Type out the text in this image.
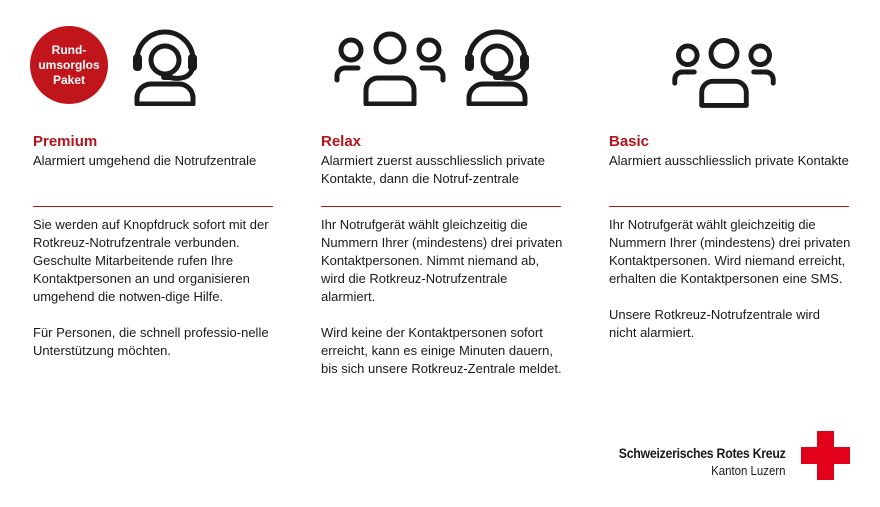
Rund-
umsorglos
Paket
Premium
Alarmiert umgehend die Notrufzentrale

Sie werden auf Knopfdruck sofort mit der Rotkreuz-Notrufzentrale verbunden. Geschulte Mitarbeitende rufen Ihre Kontaktpersonen an und organisieren umgehend die notwen-dige Hilfe.

Für Personen, die schnell professio-nelle Unterstützung möchten.

Relax
Alarmiert zuerst ausschliesslich private Kontakte, dann die Notruf-zentrale

Ihr Notrufgerät wählt gleichzeitig die Nummern Ihrer (mindestens) drei privaten Kontaktpersonen. Nimmt niemand ab, wird die Rotkreuz-Notrufzentrale alarmiert.

Wird keine der Kontaktpersonen sofort erreicht, kann es einige Minuten dauern, bis sich unsere Rotkreuz-Zentrale meldet.

Basic
Alarmiert ausschliesslich private Kontakte

Ihr Notrufgerät wählt gleichzeitig die Nummern Ihrer (mindestens) drei privaten Kontaktpersonen. Wird niemand erreicht, erhalten die Kontaktpersonen eine SMS.

Unsere Rotkreuz-Notrufzentrale wird nicht alarmiert.

Schweizerisches Rotes Kreuz
Kanton Luzern
